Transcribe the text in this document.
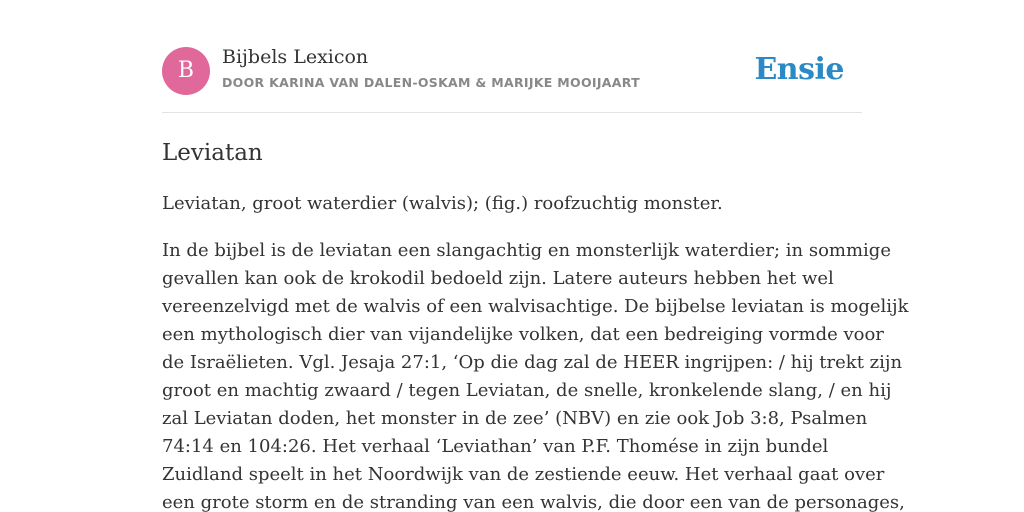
B
Bijbels Lexicon
DOOR KARINA VAN DALEN-OSKAM & MARIJKE MOOIJAART	Ensie
Leviatan

Leviatan, groot waterdier (walvis); (fig.) roofzuchtig monster.

In de bijbel is de leviatan een slangachtig en monsterlijk waterdier; in sommige
gevallen kan ook de krokodil bedoeld zijn. Latere auteurs hebben het wel
vereenzelvigd met de walvis of een walvisachtige. De bijbelse leviatan is mogelijk
een mythologisch dier van vijandelijke volken, dat een bedreiging vormde voor
de Israëlieten. Vgl. Jesaja 27:1, ‘Op die dag zal de HEER ingrijpen: / hij trekt zijn
groot en machtig zwaard / tegen Leviatan, de snelle, kronkelende slang, / en hij
zal Leviatan doden, het monster in de zee’ (NBV) en zie ook Job 3:8, Psalmen
74:14 en 104:26. Het verhaal ‘Leviathan’ van P.F. Thomése in zijn bundel
Zuidland speelt in het Noordwijk van de zestiende eeuw. Het verhaal gaat over
een grote storm en de stranding van een walvis, die door een van de personages,
